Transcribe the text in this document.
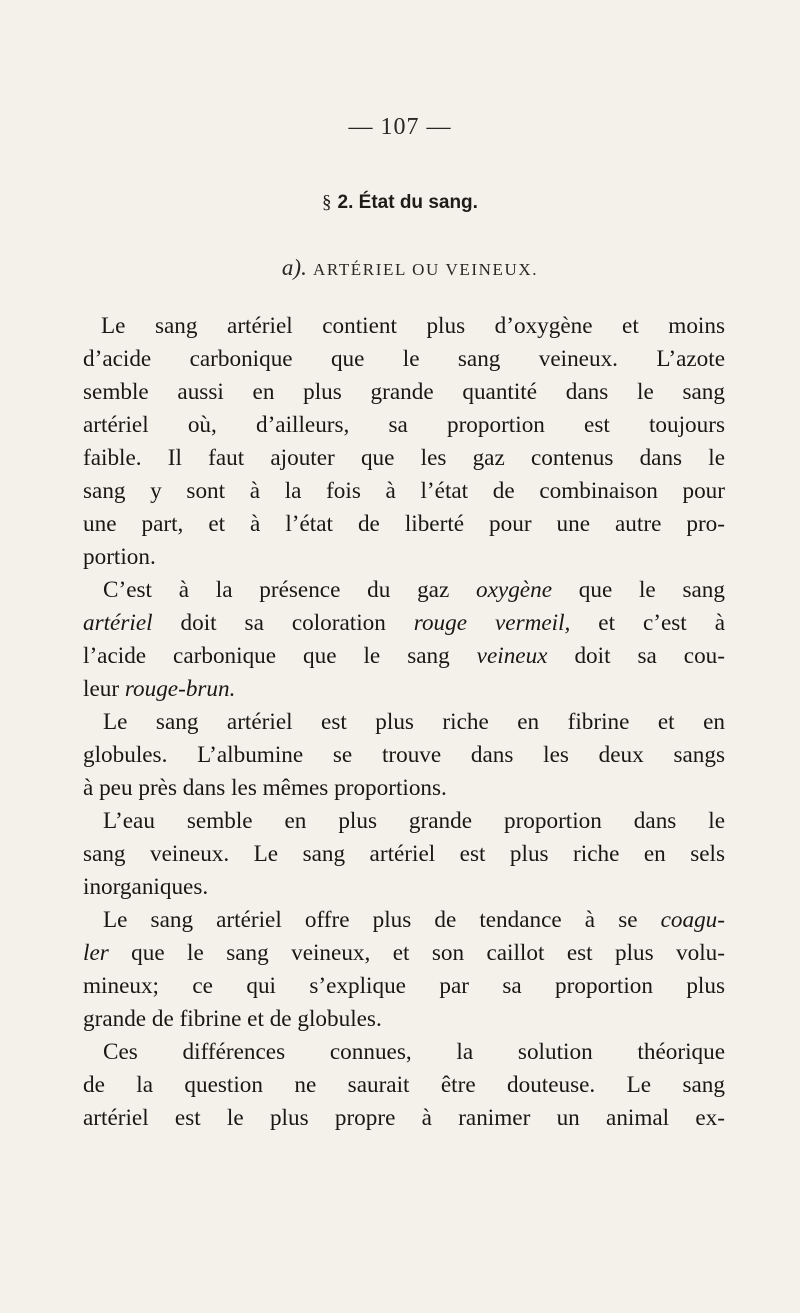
— 107 —
§ 2. État du sang.
a). ARTÉRIEL OU VEINEUX.
Le sang artériel contient plus d’oxygène et moins
d’acide carbonique que le sang veineux. L’azote
semble aussi en plus grande quantité dans le sang
artériel où, d’ailleurs, sa proportion est toujours
faible. Il faut ajouter que les gaz contenus dans le
sang y sont à la fois à l’état de combinaison pour
une part, et à l’état de liberté pour une autre pro-
portion.
C’est à la présence du gaz oxygène que le sang
artériel doit sa coloration rouge vermeil, et c’est à
l’acide carbonique que le sang veineux doit sa cou-
leur rouge-brun.
Le sang artériel est plus riche en fibrine et en
globules. L’albumine se trouve dans les deux sangs
à peu près dans les mêmes proportions.
L’eau semble en plus grande proportion dans le
sang veineux. Le sang artériel est plus riche en sels
inorganiques.
Le sang artériel offre plus de tendance à se coagu-
ler que le sang veineux, et son caillot est plus volu-
mineux; ce qui s’explique par sa proportion plus
grande de fibrine et de globules.
Ces différences connues, la solution théorique
de la question ne saurait être douteuse. Le sang
artériel est le plus propre à ranimer un animal ex-
